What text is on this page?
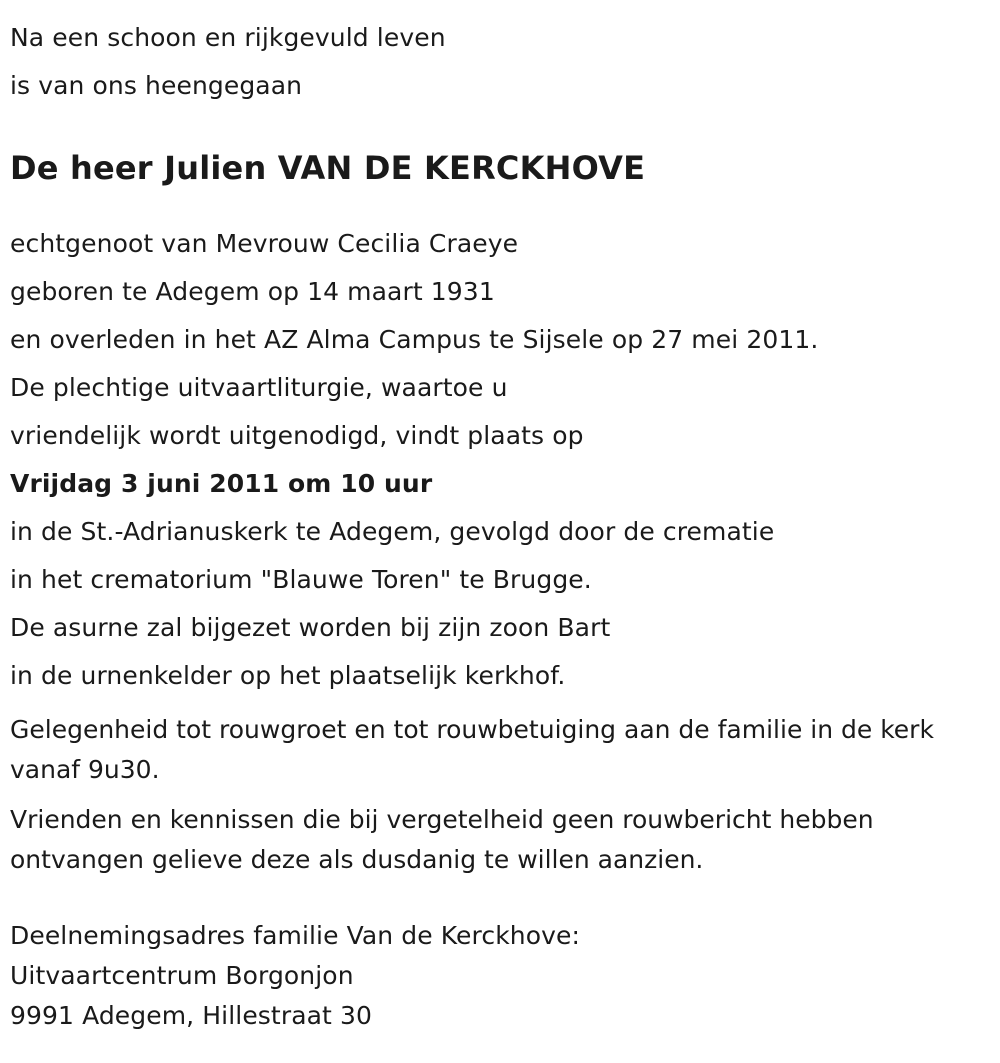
Na een schoon en rijkgevuld leven
is van ons heengegaan
De heer Julien VAN DE KERCKHOVE
echtgenoot van Mevrouw Cecilia Craeye
geboren te Adegem op 14 maart 1931
en overleden in het AZ Alma Campus te Sijsele op 27 mei 2011.
De plechtige uitvaartliturgie, waartoe u
vriendelijk wordt uitgenodigd, vindt plaats op
Vrijdag 3 juni 2011 om 10 uur
in de St.-Adrianuskerk te Adegem, gevolgd door de crematie
in het crematorium "Blauwe Toren" te Brugge.
De asurne zal bijgezet worden bij zijn zoon Bart
in de urnenkelder op het plaatselijk kerkhof.
Gelegenheid tot rouwgroet en tot rouwbetuiging aan de familie in de kerk vanaf 9u30.
Vrienden en kennissen die bij vergetelheid geen rouwbericht hebben ontvangen gelieve deze als dusdanig te willen aanzien.
Deelnemingsadres familie Van de Kerckhove:
Uitvaartcentrum Borgonjon
9991 Adegem, Hillestraat 30
